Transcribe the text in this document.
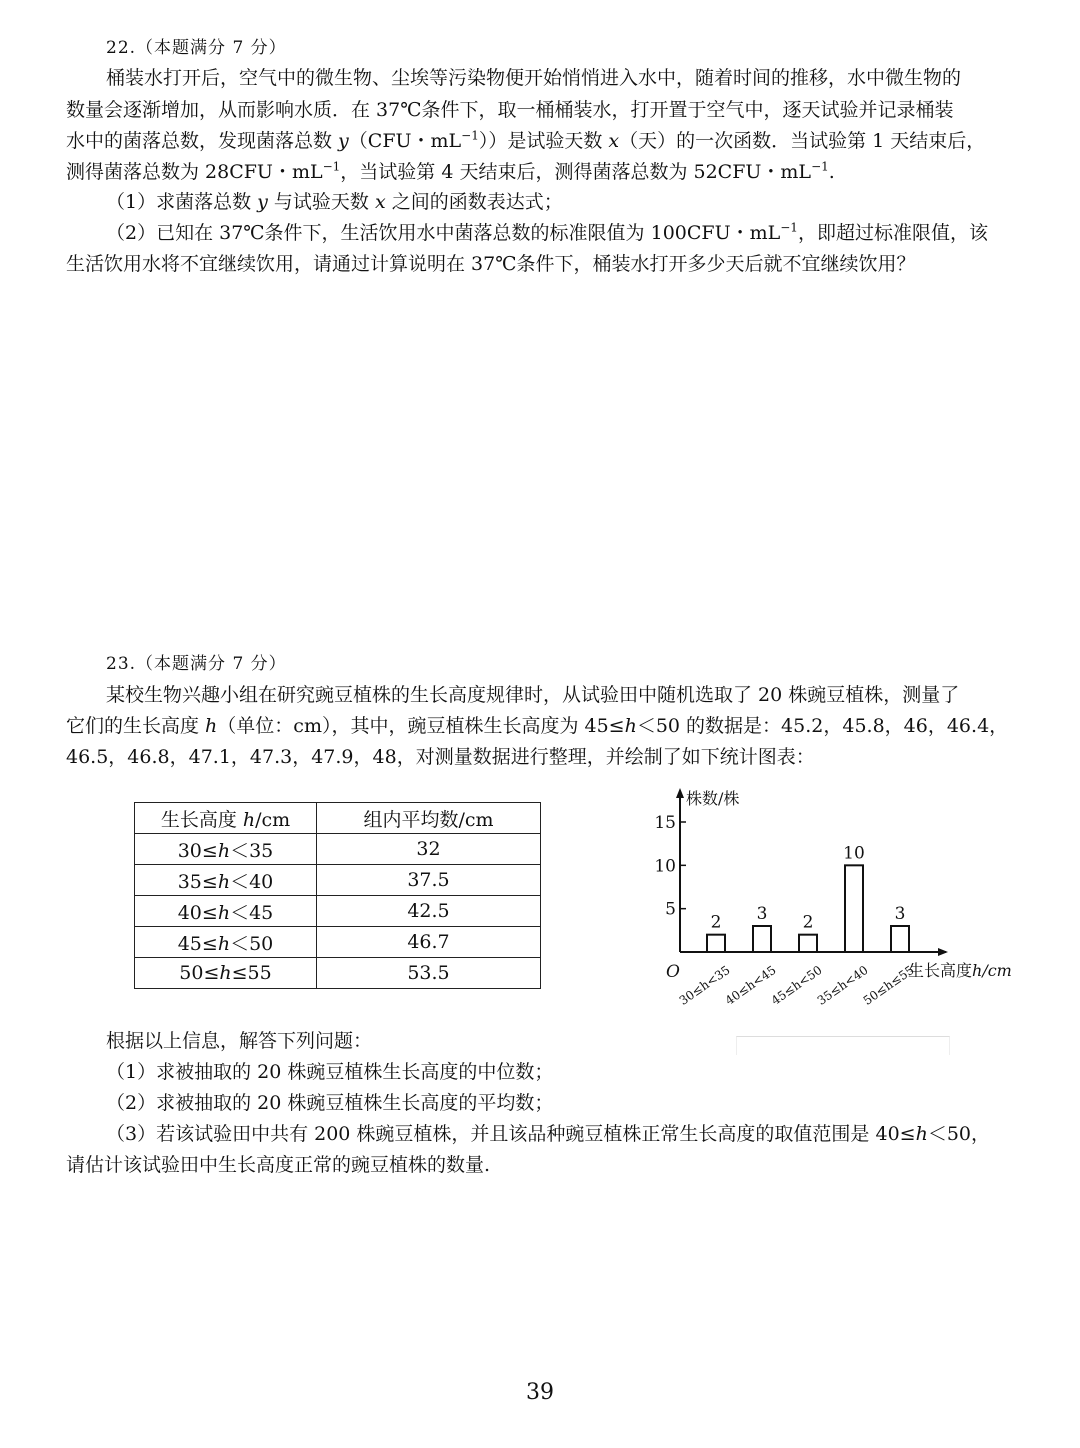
22.（本题满分 7 分）
桶装水打开后，空气中的微生物、尘埃等污染物便开始悄悄进入水中，随着时间的推移，水中微生物的
数量会逐渐增加，从而影响水质．在 37℃条件下，取一桶桶装水，打开置于空气中，逐天试验并记录桶装
水中的菌落总数，发现菌落总数 y（CFU・$mL^{-1}$））是试验天数 x（天）的一次函数．当试验第 1 天结束后，
测得菌落总数为 28CFU・$mL^{-1}$，当试验第 4 天结束后，测得菌落总数为 52CFU・$mL^{-1}$.
（1）求菌落总数 y 与试验天数 x 之间的函数表达式；
（2）已知在 37℃条件下，生活饮用水中菌落总数的标准限值为 100CFU・$mL^{-1}$，即超过标准限值，该
生活饮用水将不宜继续饮用，请通过计算说明在 37℃条件下，桶装水打开多少天后就不宜继续饮用？
23.（本题满分 7 分）
某校生物兴趣小组在研究豌豆植株的生长高度规律时，从试验田中随机选取了 20 株豌豆植株，测量了
它们的生长高度 h（单位：cm），其中，豌豆植株生长高度为 45≤h＜50 的数据是：45.2，45.8，46，46.4，
46.5，46.8，47.1，47.3，47.9，48，对测量数据进行整理，并绘制了如下统计图表：
生长高度 h/cm	组内平均数/cm
30≤h＜35	32
35≤h＜40	37.5
40≤h＜45	42.5
45≤h＜50	46.7
50≤h≤55	53.5
株数/株
生长高度h/cm
O
5
10
15
2
30≤h<35
3
40≤h<45
2
45≤h<50
10
35≤h<40
3
50≤h≤55
根据以上信息，解答下列问题：
（1）求被抽取的 20 株豌豆植株生长高度的中位数；
（2）求被抽取的 20 株豌豆植株生长高度的平均数；
（3）若该试验田中共有 200 株豌豆植株，并且该品种豌豆植株正常生长高度的取值范围是 40≤h＜50，
请估计该试验田中生长高度正常的豌豆植株的数量.
39
